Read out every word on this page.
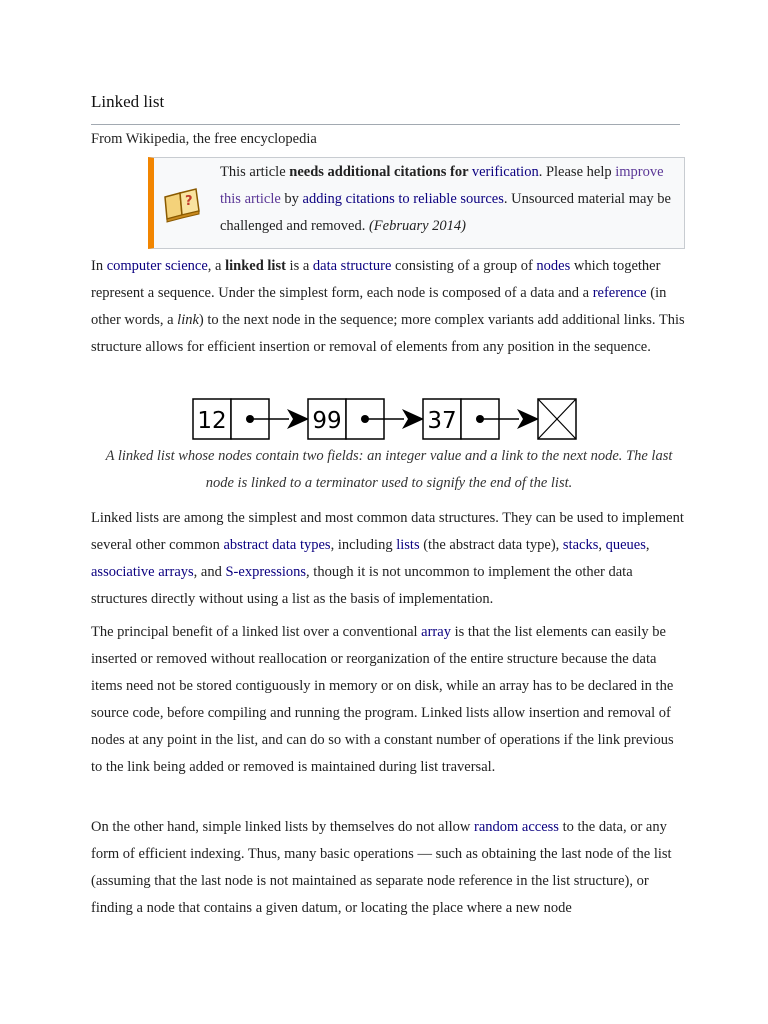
Linked list
From Wikipedia, the free encyclopedia
?
This article needs additional citations for verification. Please help improve this article by adding citations to reliable sources. Unsourced material may be challenged and removed. (February 2014)
In computer science, a linked list is a data structure consisting of a group of nodes which together represent a sequence. Under the simplest form, each node is composed of a data and a reference (in other words, a link) to the next node in the sequence; more complex variants add additional links. This structure allows for efficient insertion or removal of elements from any position in the sequence.
12	99	37
A linked list whose nodes contain two fields: an integer value and a link to the next node. The last node is linked to a terminator used to signify the end of the list.
Linked lists are among the simplest and most common data structures. They can be used to implement several other common abstract data types, including lists (the abstract data type), stacks, queues, associative arrays, and S-expressions, though it is not uncommon to implement the other data structures directly without using a list as the basis of implementation.
The principal benefit of a linked list over a conventional array is that the list elements can easily be inserted or removed without reallocation or reorganization of the entire structure because the data items need not be stored contiguously in memory or on disk, while an array has to be declared in the source code, before compiling and running the program. Linked lists allow insertion and removal of nodes at any point in the list, and can do so with a constant number of operations if the link previous to the link being added or removed is maintained during list traversal.
On the other hand, simple linked lists by themselves do not allow random access to the data, or any form of efficient indexing. Thus, many basic operations — such as obtaining the last node of the list (assuming that the last node is not maintained as separate node reference in the list structure), or finding a node that contains a given datum, or locating the place where a new node
